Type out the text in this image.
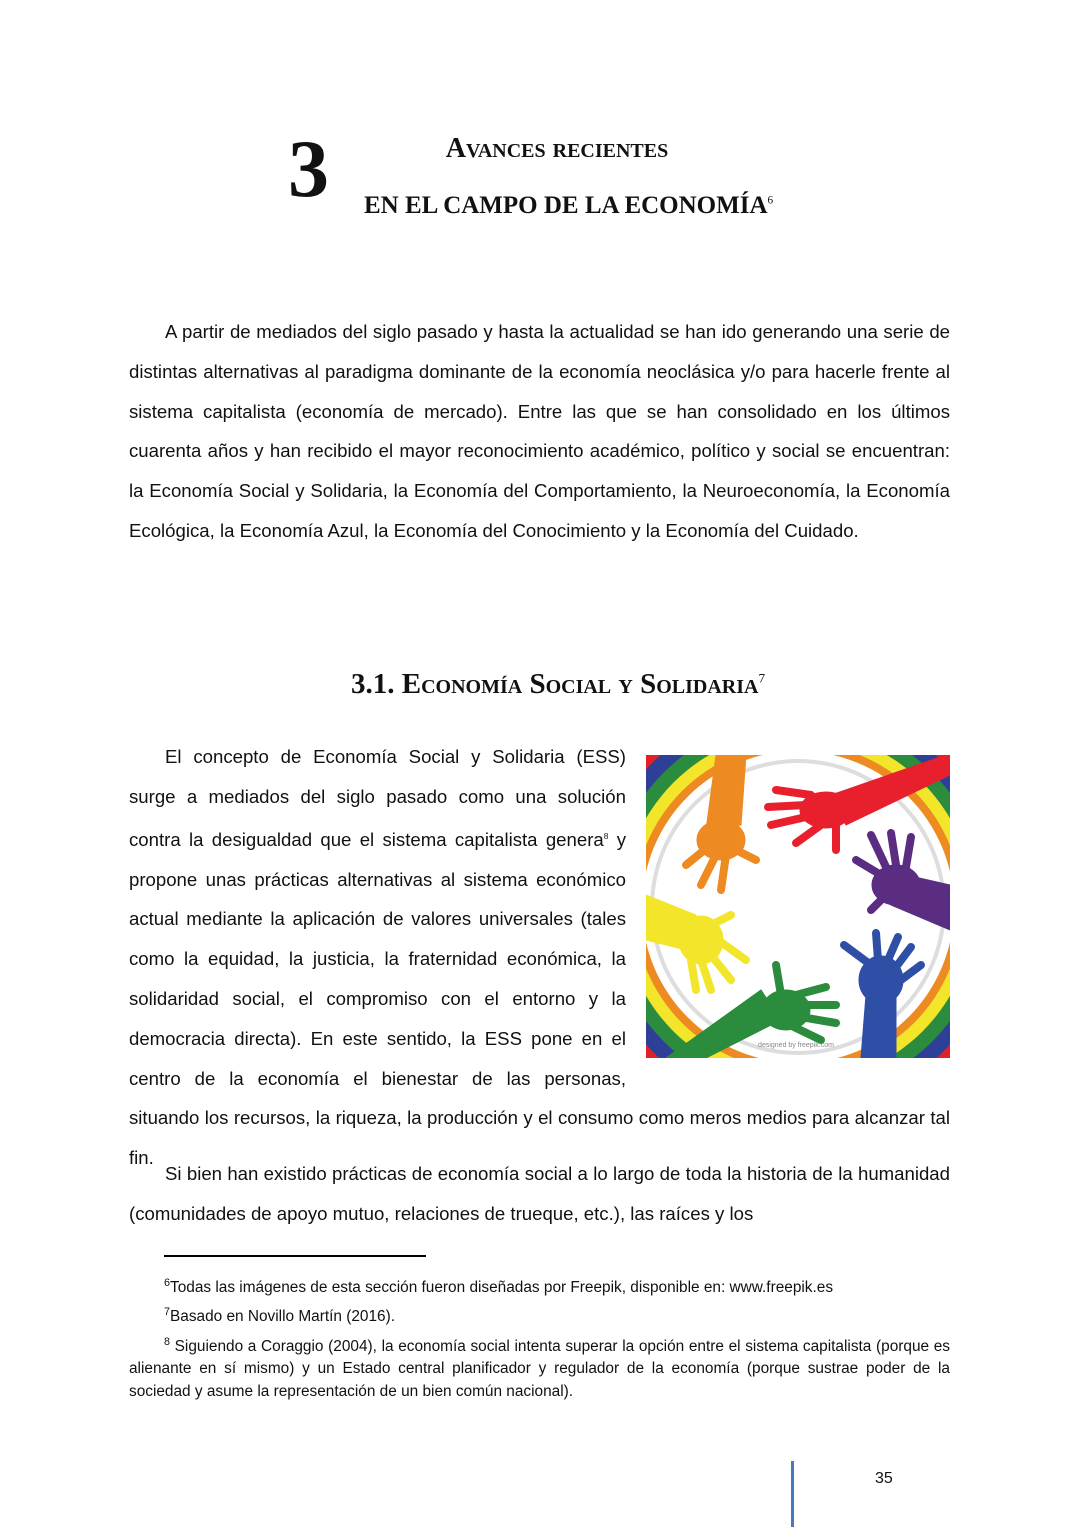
3	Avances recientes
EN EL CAMPO DE LA ECONOMÍA$^6$

A partir de mediados del siglo pasado y hasta la actualidad se han ido generando una serie de distintas alternativas al paradigma dominante de la economía neoclásica y/o para hacerle frente al sistema capitalista (economía de mercado). Entre las que se han consolidado en los últimos cuarenta años y han recibido el mayor reconocimiento académico, político y social se encuentran: la Economía Social y Solidaria, la Economía del Comportamiento, la Neuroeconomía, la Economía Ecológica, la Economía Azul, la Economía del Conocimiento y la Economía del Cuidado.

3.1. Economía Social y Solidaria$^7$
designed by freepik.com

El concepto de Economía Social y Solidaria (ESS) surge a mediados del siglo pasado como una solución contra la desigualdad que el sistema capitalista genera$^8$ y propone unas prácticas alternativas al sistema económico actual mediante la aplicación de valores universales (tales como la equidad, la justicia, la fraternidad económica, la solidaridad social, el compromiso con el entorno y la democracia directa). En este sentido, la ESS pone en el centro de la economía el bienestar de las personas, situando los recursos, la riqueza, la producción y el consumo como meros medios para alcanzar tal fin.

Si bien han existido prácticas de economía social a lo largo de toda la historia de la humanidad (comunidades de apoyo mutuo, relaciones de trueque, etc.), las raíces y los

$^6$Todas las imágenes de esta sección fueron diseñadas por Freepik, disponible en: www.freepik.es
$^7$Basado en Novillo Martín (2016).
$^8$ Siguiendo a Coraggio (2004), la economía social intenta superar la opción entre el sistema capitalista (porque es alienante en sí mismo) y un Estado central planificador y regulador de la economía (porque sustrae poder de la sociedad y asume la representación de un bien común nacional).
35
